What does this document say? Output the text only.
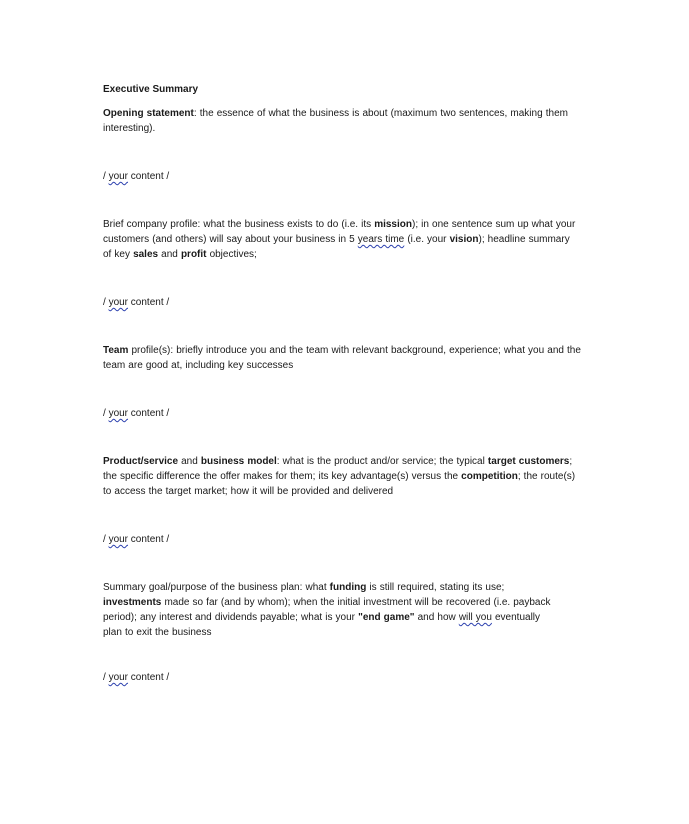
Executive Summary

Opening statement: the essence of what the business is about (maximum two sentences, making them interesting).

/ your content /

Brief company profile: what the business exists to do (i.e. its mission); in one sentence sum up what your customers (and others) will say about your business in 5 years time (i.e. your vision); headline summary of key sales and profit objectives;

/ your content /

Team profile(s): briefly introduce you and the team with relevant background, experience; what you and the team are good at, including key successes

/ your content /

Product/service and business model: what is the product and/or service; the typical target customers; the specific difference the offer makes for them; its key advantage(s) versus the competition; the route(s) to access the target market; how it will be provided and delivered

/ your content /

Summary goal/purpose of the business plan: what funding is still required, stating its use; investments made so far (and by whom); when the initial investment will be recovered (i.e. payback period); any interest and dividends payable; what is your "end game" and how will you eventually plan to exit the business

/ your content /
